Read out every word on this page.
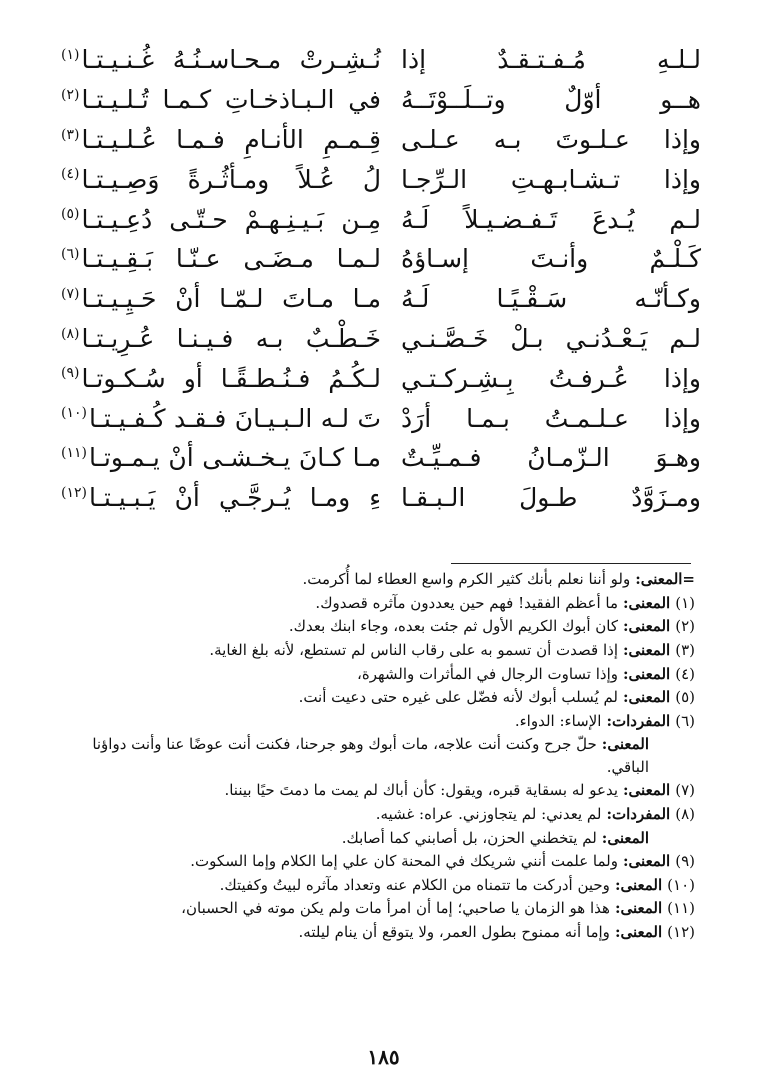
لـلـهِ مُـفـتـقـدٌ إذا
نُـشِـرتْ مـحـاسـنُـهُ غُـنـيـتـا$^{(١)}$
هــو أوّلٌ وتــلَــوْتَــهُ
في الـبـاذخـاتِ كـمـا تُـلـيـتـا$^{(٢)}$
وإذا عـلـوتَ بـه عـلـى
قِـمـمِ الأنـامِ فـمـا عُـلـيـتـا$^{(٣)}$
وإذا تـشـابـهـتِ الـرِّجـا
لُ عُـلاً ومـأثُـرةً وَصِـيـتـا$^{(٤)}$
لـم يُـدعَ تَـفـضـيـلاً لَـهُ
مِـن بَـيـنِـهـمْ حـتّـى دُعِـيـتـا$^{(٥)}$
كَـلْـمٌ وأنـتَ إسـاؤهُ
لـمـا مـضَـى عـنّـا بَـقِـيـتـا$^{(٦)}$
وكـأنّـه سَـقْـيًـا لَـهُ
مـا مـاتَ لـمّـا أنْ حَـيِـيـتـا$^{(٧)}$
لـم يَـعْـدُنـي بـلْ خَـصَّـنـي
خَـطْـبٌ بـه فـيـنـا عُـرِيـتـا$^{(٨)}$
وإذا عُـرفـتُ بِـشِـركـتـي
لـكُـمُ فـنُـطـقًـا أو سُـكـوتـا$^{(٩)}$
وإذا عـلـمـتُ بـمـا أرَدْ
تَ لـه الـبـيـانَ فـقـد كُـفـيـتـا$^{(١٠)}$
وهـوَ الـزّمـانُ فـمـيِّـتٌ
مـا كـانَ يـخـشـى أنْ يـمـوتـا$^{(١١)}$
ومـزَوَّدٌ طـولَ الـبـقـا
ءِ ومـا يُـرجَّـي أنْ يَـبـيـتـا$^{(١٢)}$
=المعنى:
ولو أننا نعلم بأنك كثير الكرم واسع العطاء لما أُكرمت.
(١)
المعنى:
ما أعظم الفقيد! فهم حين يعددون مآثره قصدوك.
(٢)
المعنى:
كان أبوك الكريم الأول ثم جئت بعده، وجاء ابنك بعدك.
(٣)
المعنى:
إذا قصدت أن تسمو به على رقاب الناس لم تستطع، لأنه بلغ الغاية.
(٤)
المعنى:
وإذا تساوت الرجال في المأثرات والشهرة،
(٥)
المعنى:
لم يُسلب أبوك لأنه فضّل على غيره حتى دعيت أنت.
(٦)
المفردات:
الإساء: الدواء.
المعنى:حلّ جرح وكنت أنت علاجه، مات أبوك وهو جرحنا، فكنت أنت عوضًا عنا وأنت دواؤنا الباقي.
(٧)
المعنى:
يدعو له بسقاية قبره، ويقول: كأن أباك لم يمت ما دمتَ حيًا بيننا.
(٨)
المفردات:
لم يعدني: لم يتجاوزني. عراه: غشيه.
المعنى:
لم يتخطني الحزن، بل أصابني كما أصابك.
(٩)
المعنى:
ولما علمت أنني شريكك في المحنة كان علي إما الكلام وإما السكوت.
(١٠)
المعنى:
وحين أدركت ما تتمناه من الكلام عنه وتعداد مآثره لبيتُ وكفيتك.
(١١)
المعنى:
هذا هو الزمان يا صاحبي؛ إما أن امرأ مات ولم يكن موته في الحسبان،
(١٢)
المعنى:
وإما أنه ممنوح بطول العمر، ولا يتوقع أن ينام ليلته.
١٨٥
